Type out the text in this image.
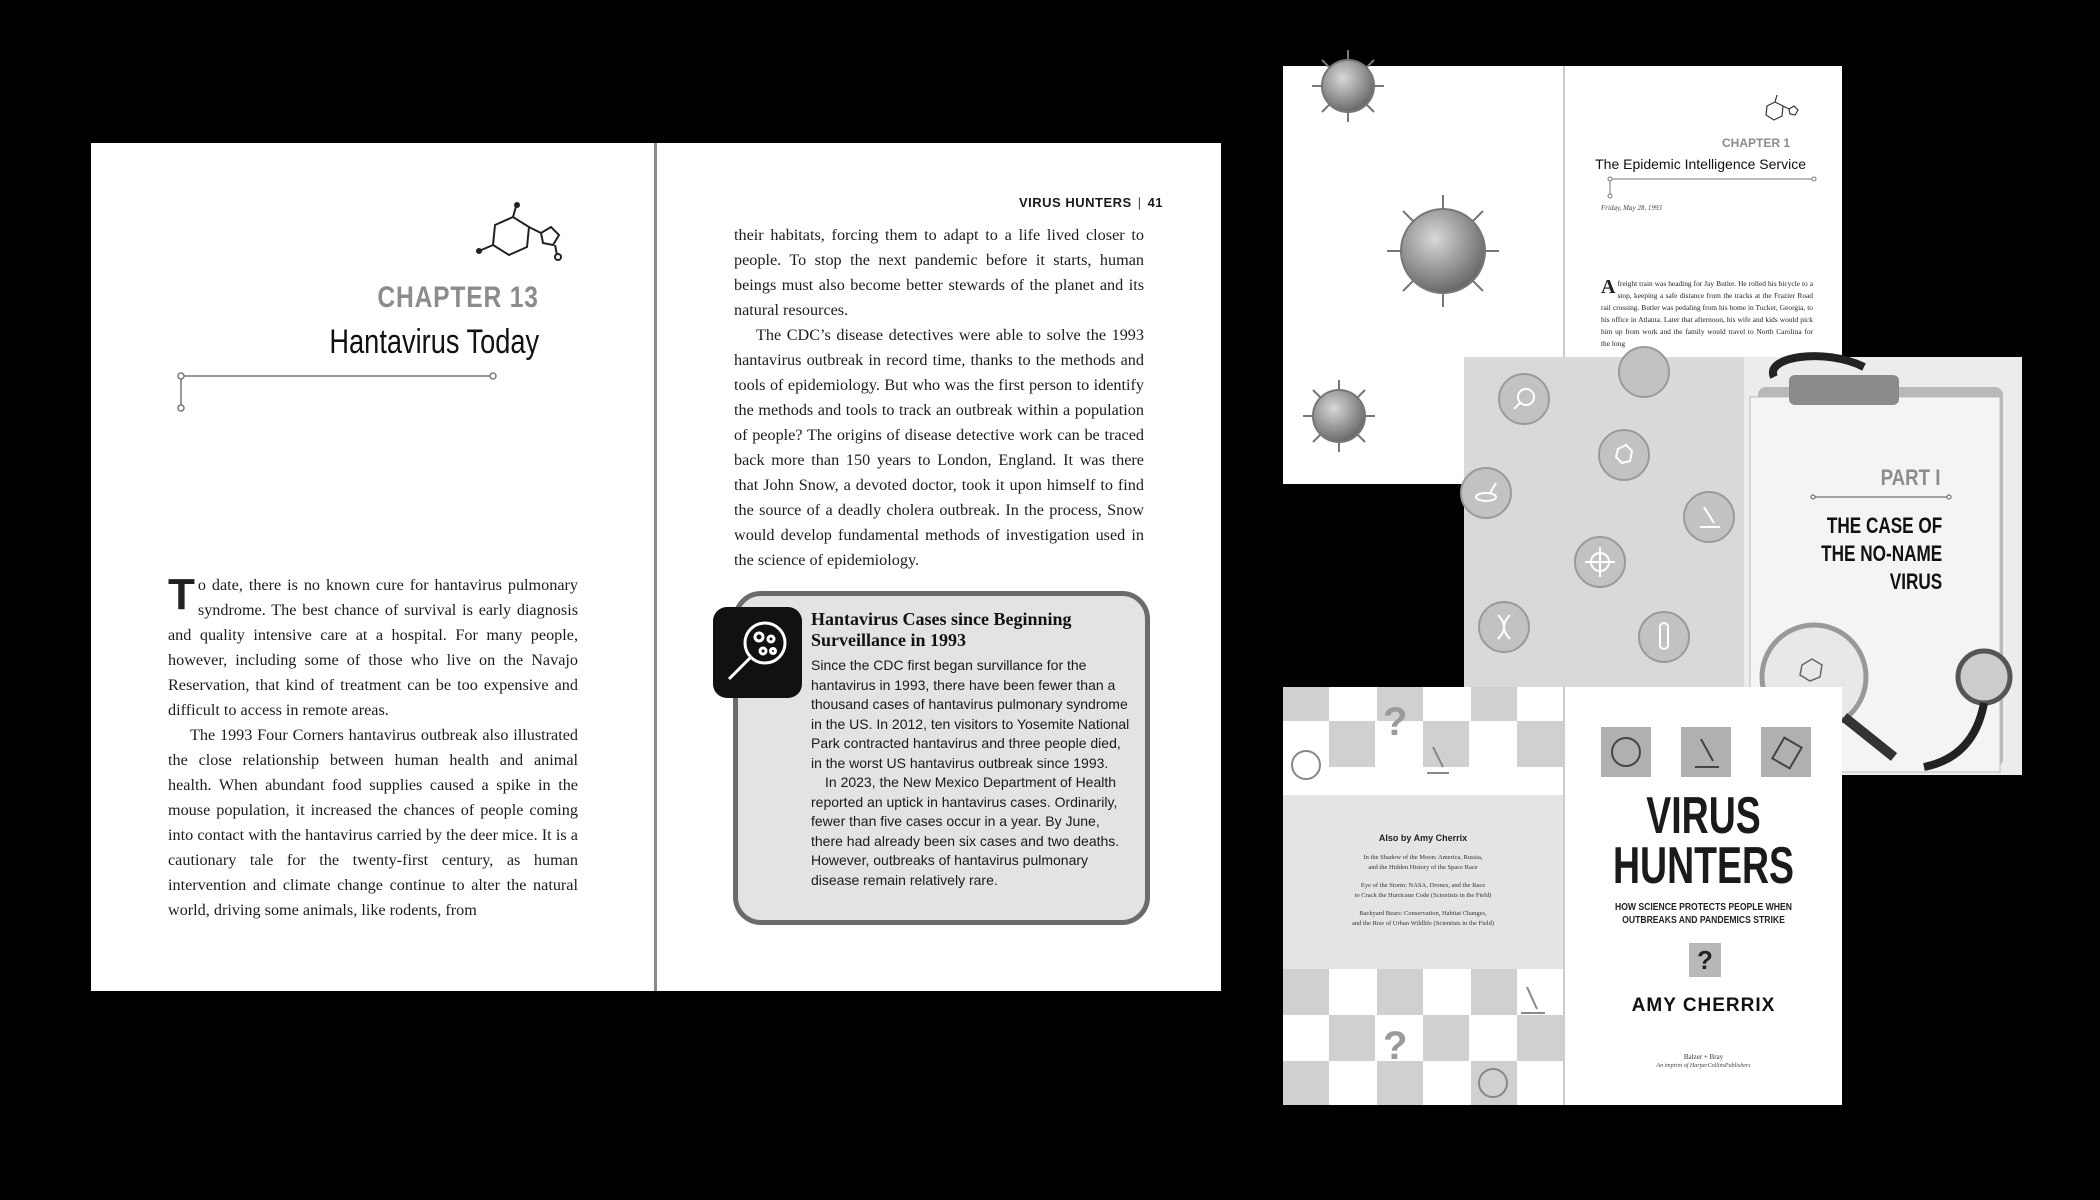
CHAPTER 13
Hantavirus Today

To date, there is no known cure for hantavirus pulmonary syndrome. The best chance of survival is early diagnosis and quality intensive care at a hospital. For many people, however, including some of those who live on the Navajo Reservation, that kind of treatment can be too expensive and difficult to access in remote areas.

The 1993 Four Corners hantavirus outbreak also illustrated the close relationship between human health and animal health. When abundant food supplies caused a spike in the mouse population, it increased the chances of people coming into contact with the hantavirus carried by the deer mice. It is a cautionary tale for the twenty-first century, as human intervention and climate change continue to alter the natural world, driving some animals, like rodents, from

VIRUS HUNTERS | 41

their habitats, forcing them to adapt to a life lived closer to people. To stop the next pandemic before it starts, human beings must also become better stewards of the planet and its natural resources.

The CDC’s disease detectives were able to solve the 1993 hantavirus outbreak in record time, thanks to the methods and tools of epidemiology. But who was the first person to identify the methods and tools to track an outbreak within a population of people? The origins of disease detective work can be traced back more than 150 years to London, England. It was there that John Snow, a devoted doctor, took it upon himself to find the source of a deadly cholera outbreak. In the process, Snow would develop fundamental methods of investigation used in the science of epidemiology.

Hantavirus Cases since Beginning Surveillance in 1993

Since the CDC first began survillance for the hantavirus in 1993, there have been fewer than a thousand cases of hantavirus pulmonary syndrome in the US. In 2012, ten visitors to Yosemite National Park contracted hantavirus and three people died, in the worst US hantavirus outbreak since 1993.

In 2023, the New Mexico Department of Health reported an uptick in hantavirus cases. Ordinarily, fewer than five cases occur in a year. By June, there had already been six cases and two deaths. However, outbreaks of hantavirus pulmonary disease remain relatively rare.

CHAPTER 1
The Epidemic Intelligence Service
Friday, May 28, 1993
Afreight train was heading for Jay Butler. He rolled his bicycle to a stop, keeping a safe distance from the tracks at the Frazier Road rail crossing. Butler was pedaling from his home in Tucker, Georgia, to his office in Atlanta. Later that afternoon, his wife and kids would pick him up from work and the family would travel to North Carolina for the long
PART I
THE CASE OF
THE NO-NAME
VIRUS
?
?
Also by Amy Cherrix
In the Shadow of the Moon: America, Russia,
and the Hidden History of the Space Race
Eye of the Storm: NASA, Drones, and the Race
to Crack the Hurricane Code (Scientists in the Field)
Backyard Bears: Conservation, Habitat Changes,
and the Rise of Urban Wildlife (Scientists in the Field)
VIRUS
HUNTERS
HOW SCIENCE PROTECTS PEOPLE WHEN
OUTBREAKS AND PANDEMICS STRIKE
?
AMY CHERRIX
Balzer + Bray
An imprint of HarperCollinsPublishers
